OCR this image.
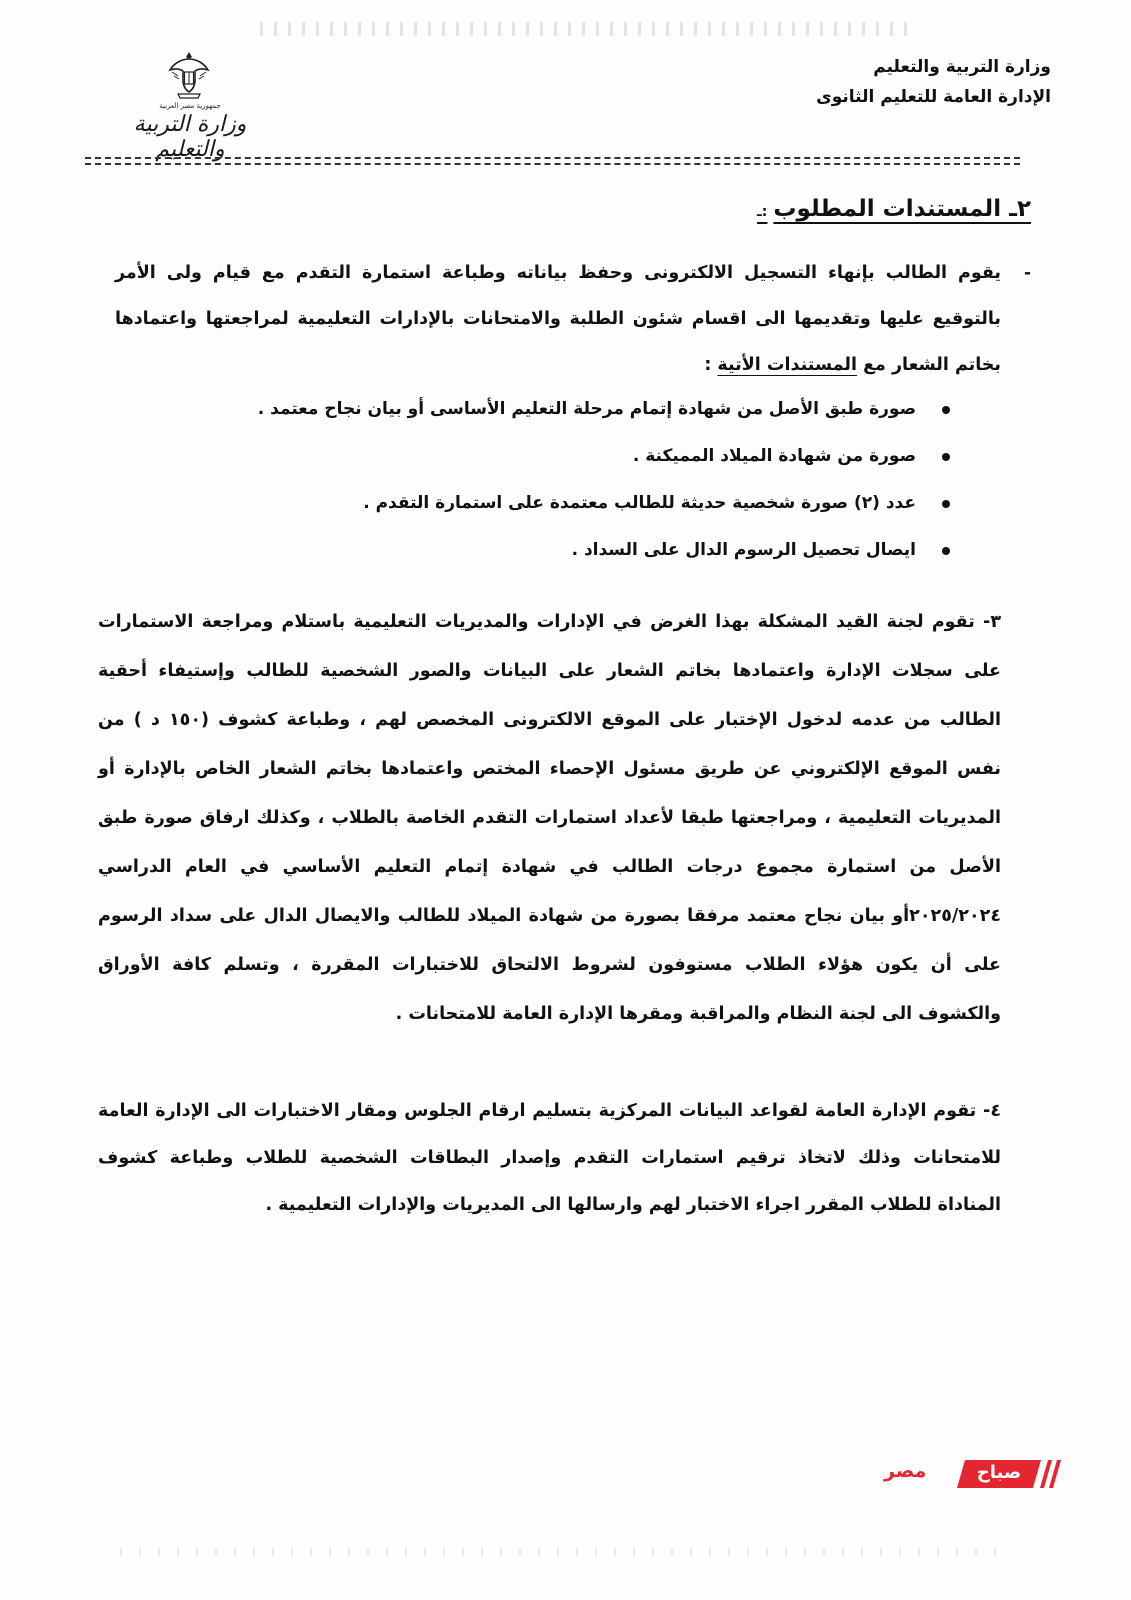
وزارة التربية والتعليم
الإدارة العامة للتعليم الثانوى
جمهورية مصر العربية
وزارة التربية والتعليم
٢ـ المستندات المطلوب:ـ
-
يقوم الطالب بإنهاء التسجيل الالكترونى وحفظ بياناته وطباعة استمارة التقدم مع قيام ولى الأمر بالتوقيع عليها وتقديمها الى اقسام شئون الطلبة والامتحانات بالإدارات التعليمية لمراجعتها واعتمادها بخاتم الشعار مع المستندات الأتية :
صورة طبق الأصل من شهادة إتمام مرحلة التعليم الأساسى أو بيان نجاح معتمد .
صورة من شهادة الميلاد المميكنة .
عدد (٢) صورة شخصية حديثة للطالب معتمدة على استمارة التقدم .
ايصال تحصيل الرسوم الدال على السداد .
٣- تقوم لجنة القيد المشكلة بهذا الغرض في الإدارات والمديريات التعليمية باستلام ومراجعة الاستمارات على سجلات الإدارة واعتمادها بخاتم الشعار على البيانات والصور الشخصية للطالب وإستيفاء أحقية الطالب من عدمه لدخول الإختبار على الموقع الالكترونى المخصص لهم ، وطباعة كشوف (١٥٠ د ) من نفس الموقع الإلكتروني عن طريق مسئول الإحصاء المختص واعتمادها بخاتم الشعار الخاص بالإدارة أو المديريات التعليمية ، ومراجعتها طبقا لأعداد استمارات التقدم الخاصة بالطلاب ، وكذلك ارفاق صورة طبق الأصل من استمارة مجموع درجات الطالب في شهادة إتمام التعليم الأساسي في العام الدراسي ٢٠٢٥/٢٠٢٤أو بيان نجاح معتمد مرفقا بصورة من شهادة الميلاد للطالب والايصال الدال على سداد الرسوم على أن يكون هؤلاء الطلاب مستوفون لشروط الالتحاق للاختبارات المقررة ، وتسلم كافة الأوراق والكشوف الى لجنة النظام والمراقبة ومقرها الإدارة العامة للامتحانات .
٤- تقوم الإدارة العامة لقواعد البيانات المركزية بتسليم ارقام الجلوس ومقار الاختبارات الى الإدارة العامة للامتحانات وذلك لاتخاذ ترقيم استمارات التقدم وإصدار البطاقات الشخصية للطلاب وطباعة كشوف المناداة للطلاب المقرر اجراء الاختبار لهم وارسالها الى المديريات والإدارات التعليمية .
صباح
مصر
